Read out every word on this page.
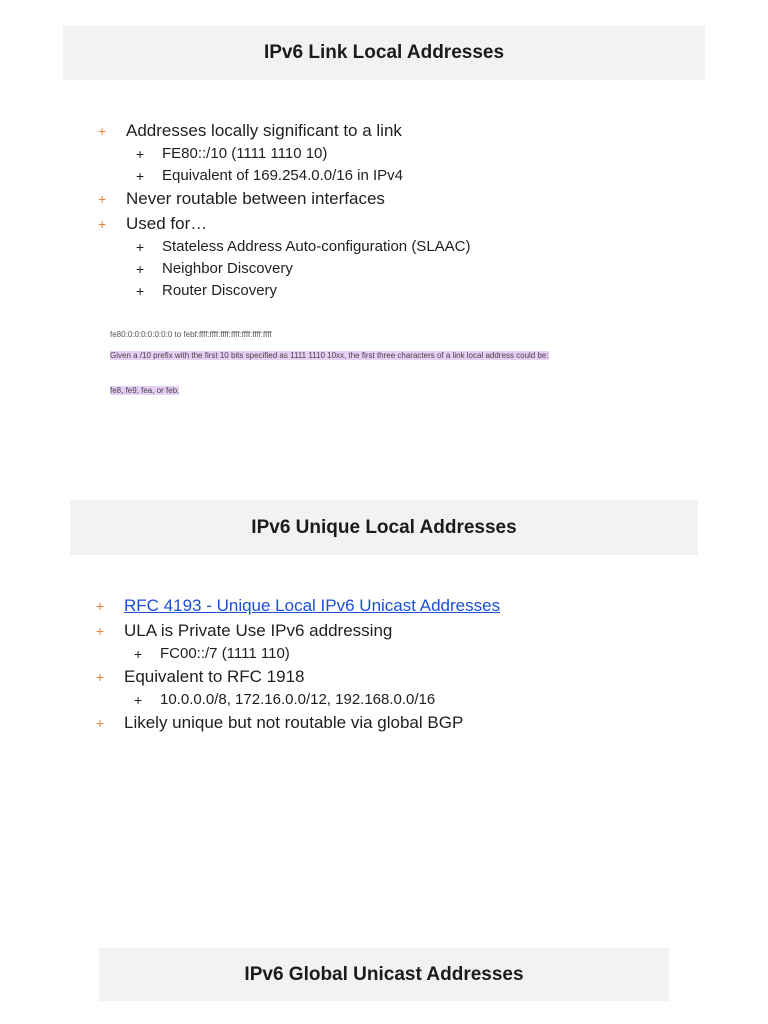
IPv6 Link Local Addresses
+ Addresses locally significant to a link
+ FE80::/10 (1111 1110 10)
+ Equivalent of 169.254.0.0/16 in IPv4
+ Never routable between interfaces
+ Used for…
+ Stateless Address Auto-configuration (SLAAC)
+ Neighbor Discovery
+ Router Discovery
fe80:0:0:0:0:0:0:0 to febf:ffff:ffff:ffff:ffff:ffff:ffff:ffff
Given a /10 prefix with the first 10 bits specified as 1111 1110 10xx, the first three characters of a link local address could be:
fe8, fe9, fea, or feb.
IPv6 Unique Local Addresses
+ RFC 4193 - Unique Local IPv6 Unicast Addresses
+ ULA is Private Use IPv6 addressing
+ FC00::/7 (1111 110)
+ Equivalent to RFC 1918
+ 10.0.0.0/8, 172.16.0.0/12, 192.168.0.0/16
+ Likely unique but not routable via global BGP
IPv6 Global Unicast Addresses
